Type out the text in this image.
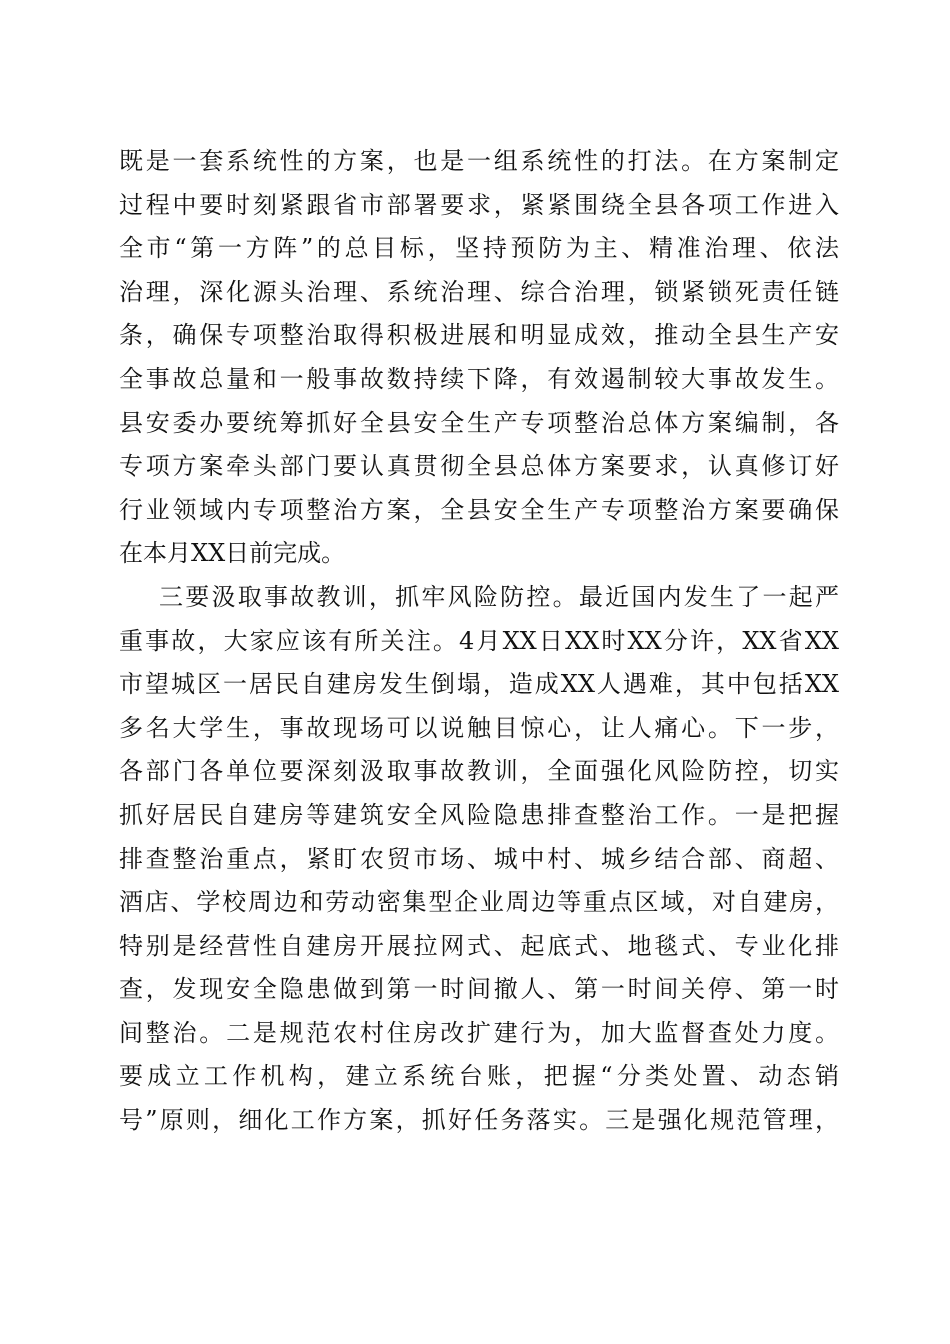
既是一套系统性的方案，也是一组系统性的打法。在方案制定
过程中要时刻紧跟省市部署要求，紧紧围绕全县各项工作进入
全市“第一方阵”的总目标，坚持预防为主、精准治理、依法
治理，深化源头治理、系统治理、综合治理，锁紧锁死责任链
条，确保专项整治取得积极进展和明显成效，推动全县生产安
全事故总量和一般事故数持续下降，有效遏制较大事故发生。
县安委办要统筹抓好全县安全生产专项整治总体方案编制，各
专项方案牵头部门要认真贯彻全县总体方案要求，认真修订好
行业领域内专项整治方案，全县安全生产专项整治方案要确保
在本月XX日前完成。
三要汲取事故教训，抓牢风险防控。最近国内发生了一起严
重事故，大家应该有所关注。4月XX日XX时XX分许，XX省XX
市望城区一居民自建房发生倒塌，造成XX人遇难，其中包括XX
多名大学生，事故现场可以说触目惊心，让人痛心。下一步，
各部门各单位要深刻汲取事故教训，全面强化风险防控，切实
抓好居民自建房等建筑安全风险隐患排查整治工作。一是把握
排查整治重点，紧盯农贸市场、城中村、城乡结合部、商超、
酒店、学校周边和劳动密集型企业周边等重点区域，对自建房，
特别是经营性自建房开展拉网式、起底式、地毯式、专业化排
查，发现安全隐患做到第一时间撤人、第一时间关停、第一时
间整治。二是规范农村住房改扩建行为，加大监督查处力度。
要成立工作机构，建立系统台账，把握“分类处置、动态销
号”原则，细化工作方案，抓好任务落实。三是强化规范管理，
